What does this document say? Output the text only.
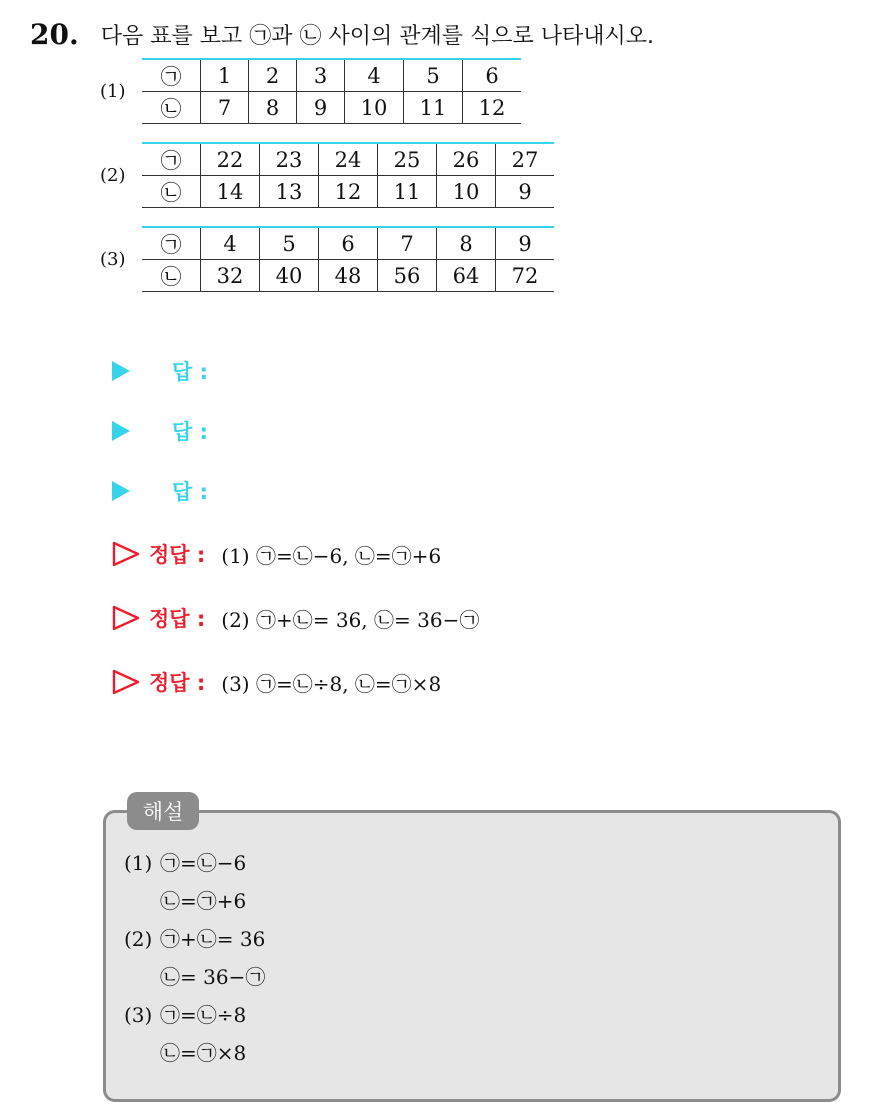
20. 다음 표를 보고 ㉠과 ㉡ 사이의 관계를 식으로 나타내시오.
(1)
㉠	1	2	3	4	5	6
㉡	7	8	9	10	11	12
(2)
㉠	22	23	24	25	26	27
㉡	14	13	12	11	10	9
(3)
㉠	4	5	6	7	8	9
㉡	32	40	48	56	64	72
답 :
답 :
답 :
정답 : (1) ㉠=㉡−6, ㉡=㉠+6
정답 : (2) ㉠+㉡= 36, ㉡= 36−㉠
정답 : (3) ㉠=㉡÷8, ㉡=㉠×8
해설
(1) ㉠=㉡−6
㉡=㉠+6
(2) ㉠+㉡= 36
㉡= 36−㉠
(3) ㉠=㉡÷8
㉡=㉠×8
